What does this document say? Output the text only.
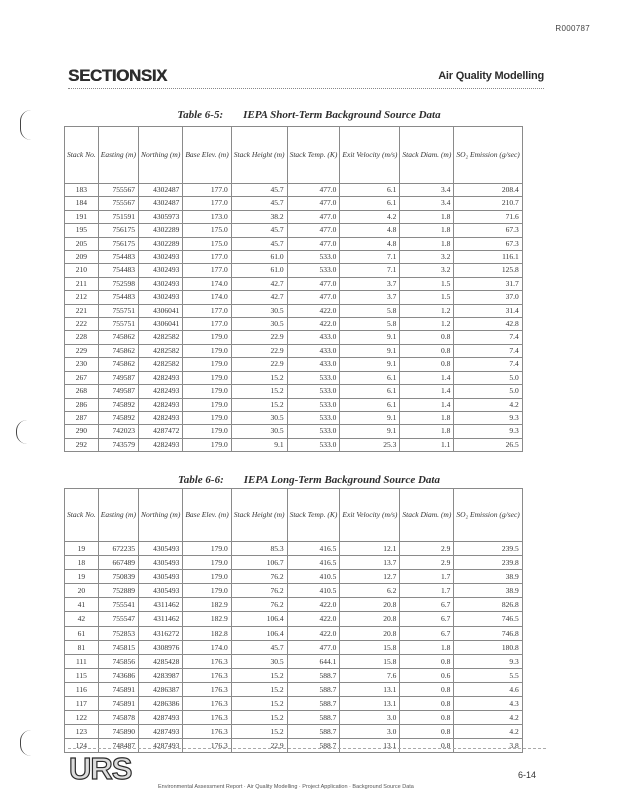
R000787
SECTIONSIX	Air Quality Modelling
Table 6-5: IEPA Short-Term Background Source Data
Stack No.	Easting (m)	Northing (m)	Base Elev. (m)	Stack Height (m)	Stack Temp. (K)	Exit Velocity (m/s)	Stack Diam. (m)	SO₂ Emission (g/sec)
183	755567	4302487	177.0	45.7	477.0	6.1	3.4	208.4
184	755567	4302487	177.0	45.7	477.0	6.1	3.4	210.7
191	751591	4305973	173.0	38.2	477.0	4.2	1.8	71.6
195	756175	4302289	175.0	45.7	477.0	4.8	1.8	67.3
205	756175	4302289	175.0	45.7	477.0	4.8	1.8	67.3
209	754483	4302493	177.0	61.0	533.0	7.1	3.2	116.1
210	754483	4302493	177.0	61.0	533.0	7.1	3.2	125.8
211	752598	4302493	174.0	42.7	477.0	3.7	1.5	31.7
212	754483	4302493	174.0	42.7	477.0	3.7	1.5	37.0
221	755751	4306041	177.0	30.5	422.0	5.8	1.2	31.4
222	755751	4306041	177.0	30.5	422.0	5.8	1.2	42.8
228	745862	4282582	179.0	22.9	433.0	9.1	0.8	7.4
229	745862	4282582	179.0	22.9	433.0	9.1	0.8	7.4
230	745862	4282582	179.0	22.9	433.0	9.1	0.8	7.4
267	749587	4282493	179.0	15.2	533.0	6.1	1.4	5.0
268	749587	4282493	179.0	15.2	533.0	6.1	1.4	5.0
286	745892	4282493	179.0	15.2	533.0	6.1	1.4	4.2
287	745892	4282493	179.0	30.5	533.0	9.1	1.8	9.3
290	742023	4287472	179.0	30.5	533.0	9.1	1.8	9.3
292	743579	4282493	179.0	9.1	533.0	25.3	1.1	26.5
Table 6-6: IEPA Long-Term Background Source Data
Stack No.	Easting (m)	Northing (m)	Base Elev. (m)	Stack Height (m)	Stack Temp. (K)	Exit Velocity (m/s)	Stack Diam. (m)	SO₂ Emission (g/sec)
19	672235	4305493	179.0	85.3	416.5	12.1	2.9	239.5
18	667489	4305493	179.0	106.7	416.5	13.7	2.9	239.8
19	750839	4305493	179.0	76.2	410.5	12.7	1.7	38.9
20	752889	4305493	179.0	76.2	410.5	6.2	1.7	38.9
41	755541	4311462	182.9	76.2	422.0	20.8	6.7	826.8
42	755547	4311462	182.9	106.4	422.0	20.8	6.7	746.5
61	752853	4316272	182.8	106.4	422.0	20.8	6.7	746.8
81	745815	4308976	174.0	45.7	477.0	15.8	1.8	180.8
111	745856	4285428	176.3	30.5	644.1	15.8	0.8	9.3
115	743686	4283987	176.3	15.2	588.7	7.6	0.6	5.5
116	745891	4286387	176.3	15.2	588.7	13.1	0.8	4.6
117	745891	4286386	176.3	15.2	588.7	13.1	0.8	4.3
122	745878	4287493	176.3	15.2	588.7	3.0	0.8	4.2
123	745890	4287493	176.3	15.2	588.7	3.0	0.8	4.2
124	748487	4287493	176.3	22.9	588.7	13.1	0.8	3.8
URS	6-14
Environmental Assessment Report · Air Quality Modelling · Project Application · Background Source Data
